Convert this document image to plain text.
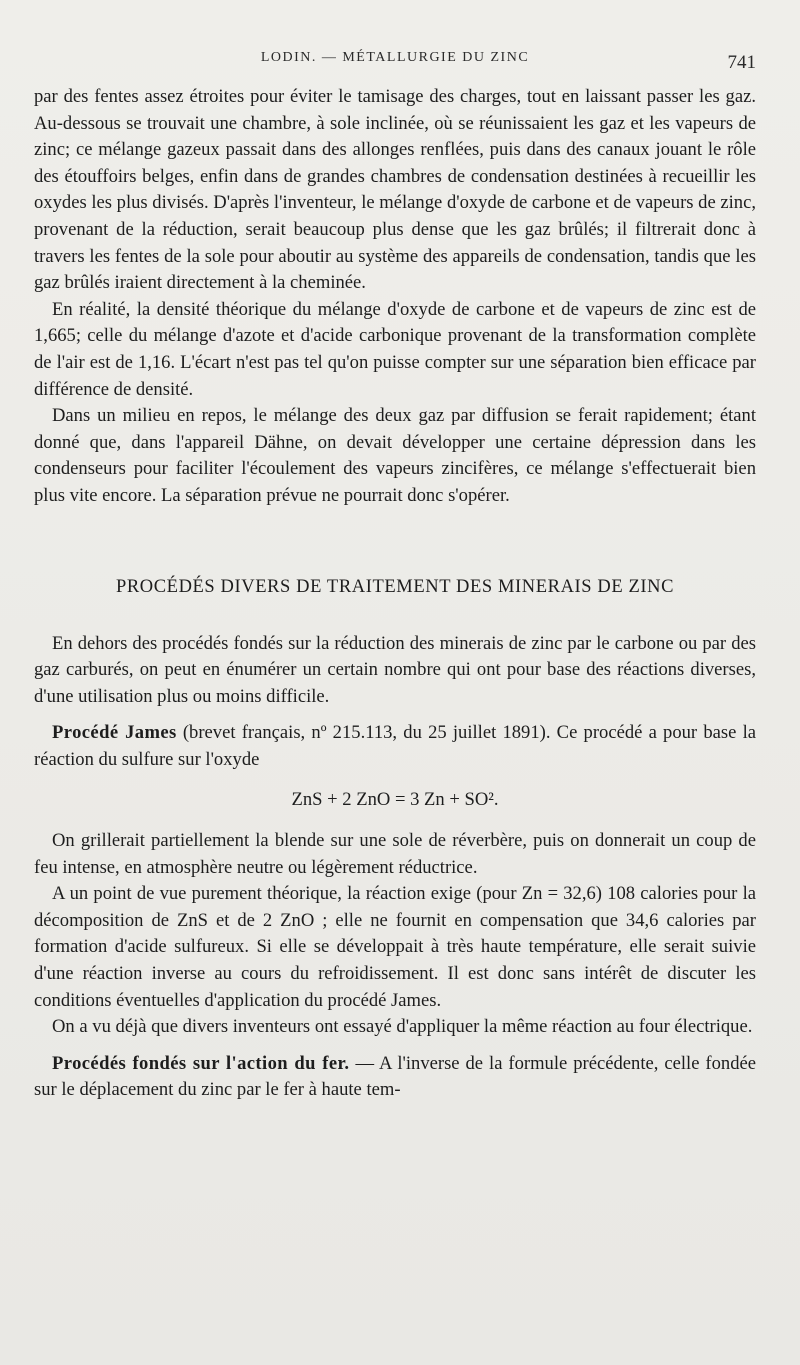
LODIN. — MÉTALLURGIE DU ZINC	741

par des fentes assez étroites pour éviter le tamisage des charges, tout en laissant passer les gaz. Au-dessous se trouvait une chambre, à sole inclinée, où se réunissaient les gaz et les vapeurs de zinc; ce mélange gazeux passait dans des allonges renflées, puis dans des canaux jouant le rôle des étouffoirs belges, enfin dans de grandes chambres de condensation destinées à recueillir les oxydes les plus divisés. D'après l'inventeur, le mélange d'oxyde de carbone et de vapeurs de zinc, provenant de la réduction, serait beaucoup plus dense que les gaz brûlés; il filtrerait donc à travers les fentes de la sole pour aboutir au système des appareils de condensation, tandis que les gaz brûlés iraient directement à la cheminée.

En réalité, la densité théorique du mélange d'oxyde de carbone et de vapeurs de zinc est de 1,665; celle du mélange d'azote et d'acide carbonique provenant de la transformation complète de l'air est de 1,16. L'écart n'est pas tel qu'on puisse compter sur une séparation bien efficace par différence de densité.

Dans un milieu en repos, le mélange des deux gaz par diffusion se ferait rapidement; étant donné que, dans l'appareil Dähne, on devait développer une certaine dépression dans les condenseurs pour faciliter l'écoulement des vapeurs zincifères, ce mélange s'effectuerait bien plus vite encore. La séparation prévue ne pourrait donc s'opérer.

PROCÉDÉS DIVERS DE TRAITEMENT DES MINERAIS DE ZINC

En dehors des procédés fondés sur la réduction des minerais de zinc par le carbone ou par des gaz carburés, on peut en énumérer un certain nombre qui ont pour base des réactions diverses, d'une utilisation plus ou moins difficile.

Procédé James (brevet français, nº 215.113, du 25 juillet 1891). Ce procédé a pour base la réaction du sulfure sur l'oxyde

ZnS + 2 ZnO = 3 Zn + SO².

On grillerait partiellement la blende sur une sole de réverbère, puis on donnerait un coup de feu intense, en atmosphère neutre ou légèrement réductrice.

A un point de vue purement théorique, la réaction exige (pour Zn = 32,6) 108 calories pour la décomposition de ZnS et de 2 ZnO ; elle ne fournit en compensation que 34,6 calories par formation d'acide sulfureux. Si elle se développait à très haute température, elle serait suivie d'une réaction inverse au cours du refroidissement. Il est donc sans intérêt de discuter les conditions éventuelles d'application du procédé James.

On a vu déjà que divers inventeurs ont essayé d'appliquer la même réaction au four électrique.

Procédés fondés sur l'action du fer. — A l'inverse de la formule précédente, celle fondée sur le déplacement du zinc par le fer à haute tem-
